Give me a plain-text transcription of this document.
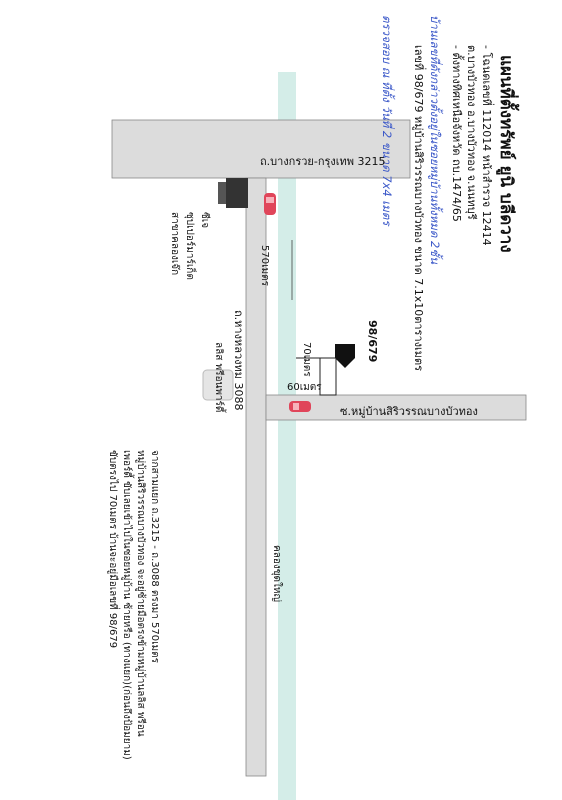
แผนที่ตั้งทรัพย์ ยูนิ บลีดวาง
- โฉนดเลขที่ 112014 หน้าสำรวจ 12414
ต.บางบัวทอง อ.บางบัวทอง จ.นนทบุรี
- ตั้งทางทิศเหนือจังหวัด ถบ.1474/65
บ้านเลขที่ดังกล่าวตั้งอยู่ในซอยหมู่บ้านทั้งหมด 2ชั้น
เลขที่ 98/679 หมู่บ้านสิริวรรณบางบัวทอง ขนาด 7.1x10ตารางเมตร
ตรวจสอบ ณ ที่ตั้ง วันที่ 2 ขนาด 7x4 เมตร
ถ.บางกรวย-กรุงเทพ 3215
ถ.หางหลวงทม 3088
ซ.หมู่บ้านสิริวรรณบางบัวทอง
คลองขุดใหญ่
570เมตร
70เมตร
60เมตร
98/679
ซีเจ ซุปเปอร์มาร์เก็ต สาขาคลองเจ๊ก
ลลิส พรีอนพาร์ดี้
จากสามแยก ถ.3215 - ถ.3088 ตรงมา 570เมตร
หมู่บ้านสิริวรรณบางบัวทอง จะอยู่ซ้ายมือตรงข้ามหมู่บ้านลลิส พรีอน
เพอร์ดี้ ขับเลยเข้าไปในซอยหมู่บ้าน ซ้ายหรือ (ทางแยก)(ก่อนถึงป้อมยาม)
ขับตรงไป 70เมตร บ้านจะอยู่มือเลขที่ 98/679
